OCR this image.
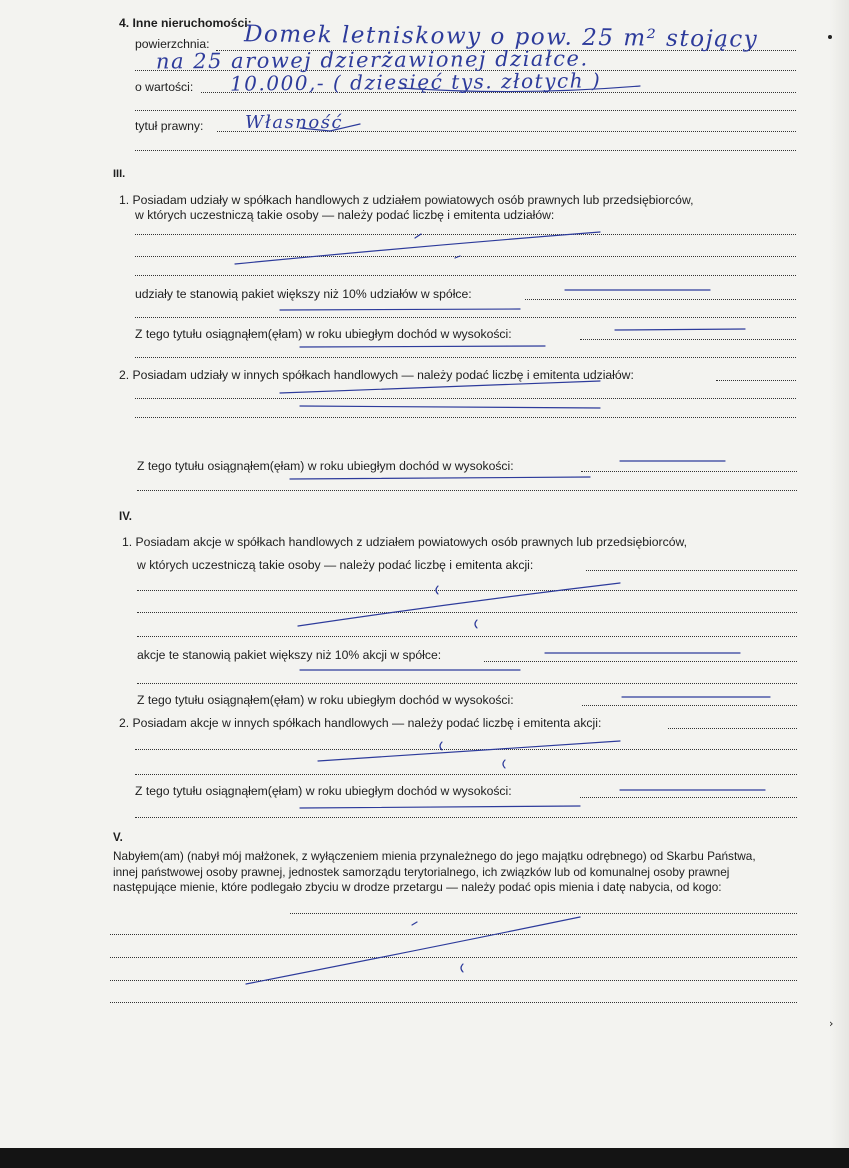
4. Inne nieruchomości:
powierzchnia: Domek letniskowy o pow. 25 m² stojący
na 25 arowej dzierżawionej działce.
o wartości: 10.000,- ( dziesięć tys. złotych )
tytuł prawny: Własność
III.
1. Posiadam udziały w spółkach handlowych z udziałem powiatowych osób prawnych lub przedsiębiorców,
w których uczestniczą takie osoby — należy podać liczbę i emitenta udziałów:
udziały te stanowią pakiet większy niż 10% udziałów w spółce:
Z tego tytułu osiągnąłem(ęłam) w roku ubiegłym dochód w wysokości:
2. Posiadam udziały w innych spółkach handlowych — należy podać liczbę i emitenta udziałów:
Z tego tytułu osiągnąłem(ęłam) w roku ubiegłym dochód w wysokości:
IV.
1. Posiadam akcje w spółkach handlowych z udziałem powiatowych osób prawnych lub przedsiębiorców,
w których uczestniczą takie osoby — należy podać liczbę i emitenta akcji:
akcje te stanowią pakiet większy niż 10% akcji w spółce:
Z tego tytułu osiągnąłem(ęłam) w roku ubiegłym dochód w wysokości:
2. Posiadam akcje w innych spółkach handlowych — należy podać liczbę i emitenta akcji:
Z tego tytułu osiągnąłem(ęłam) w roku ubiegłym dochód w wysokości:
V.
Nabyłem(am) (nabył mój małżonek, z wyłączeniem mienia przynależnego do jego majątku odrębnego) od Skarbu Państwa, innej państwowej osoby prawnej, jednostek samorządu terytorialnego, ich związków lub od komunalnej osoby prawnej następujące mienie, które podlegało zbyciu w drodze przetargu — należy podać opis mienia i datę nabycia, od kogo:
›
